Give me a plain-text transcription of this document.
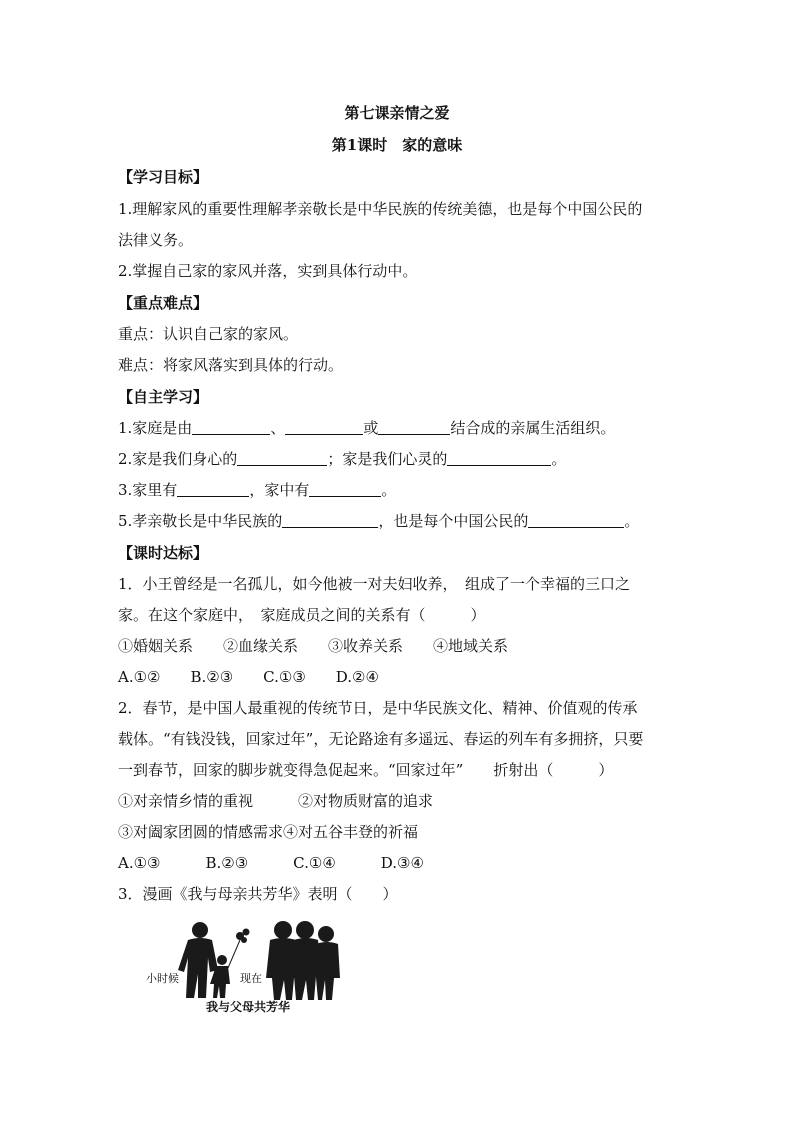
第七课亲情之爱
第1课时　家的意味
【学习目标】
1.理解家风的重要性理解孝亲敬长是中华民族的传统美德，也是每个中国公民的
法律义务。
2.掌握自己家的家风并落，实到具体行动中。
【重点难点】
重点：认识自己家的家风。
难点：将家风落实到具体的行动。
【自主学习】
1.家庭是由	、	或	结合成的亲属生活组织。
2.家是我们身心的	；家是我们心灵的	。
3.家里有	，家中有	。
5.孝亲敬长是中华民族的	，也是每个中国公民的	。
【课时达标】
1．小王曾经是一名孤儿，如今他被一对夫妇收养，　组成了一个幸福的三口之
家。在这个家庭中，　家庭成员之间的关系有（　　　）
①婚姻关系　　②血缘关系　　③收养关系　　④地域关系
A.①②　　B.②③　　C.①③　　D.②④
2．春节，是中国人最重视的传统节日，是中华民族文化、精神、价值观的传承
载体。“有钱没钱，回家过年”，无论路途有多遥远、春运的列车有多拥挤，只要
一到春节，回家的脚步就变得急促起来。“回家过年”　　折射出（　　　）
①对亲情乡情的重视　　　②对物质财富的追求
③对阖家团圆的情感需求④对五谷丰登的祈福
A.①③　　　B.②③　　　C.①④　　　D.③④
3．漫画《我与母亲共芳华》表明（　　）
小时候	现在
我与父母共芳华
